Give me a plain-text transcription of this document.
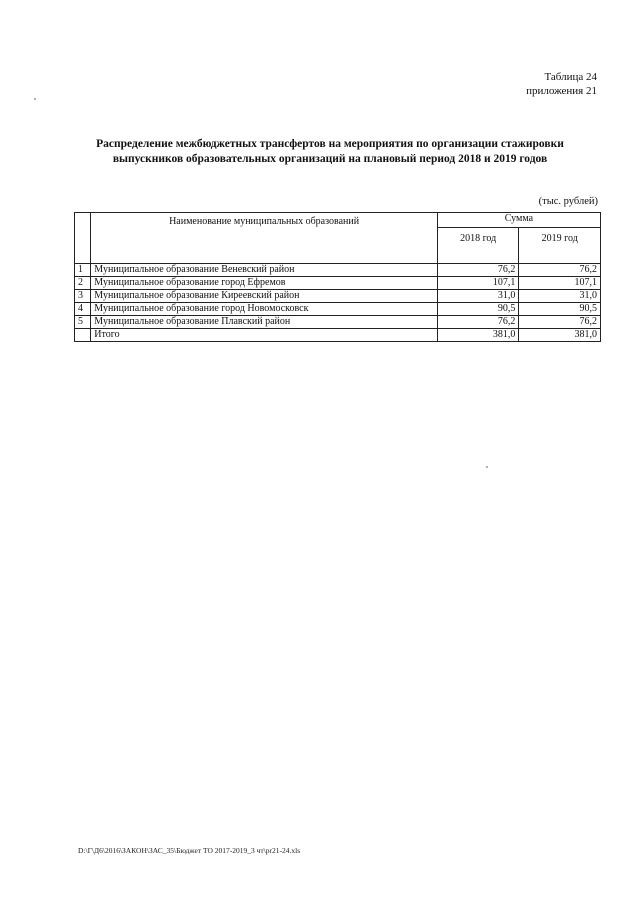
Таблица 24
приложения 21
Распределение межбюджетных трансфертов на мероприятия по организации стажировки
выпускников образовательных организаций на плановый период 2018 и 2019 годов
(тыс. рублей)
	Наименование муниципальных образований	Сумма	
		2018 год	2019 год
1	Муниципальное образование Веневский район	76,2	76,2
2	Муниципальное образование город Ефремов	107,1	107,1
3	Муниципальное образование Киреевский район	31,0	31,0
4	Муниципальное образование город Новомосковск	90,5	90,5
5	Муниципальное образование Плавский район	76,2	76,2
	Итого	381,0	381,0
D:\Г\Д6\2016\ЗАКОН\ЗАС_35\Бюджет ТО 2017-2019_3 чт\pr21-24.xls
